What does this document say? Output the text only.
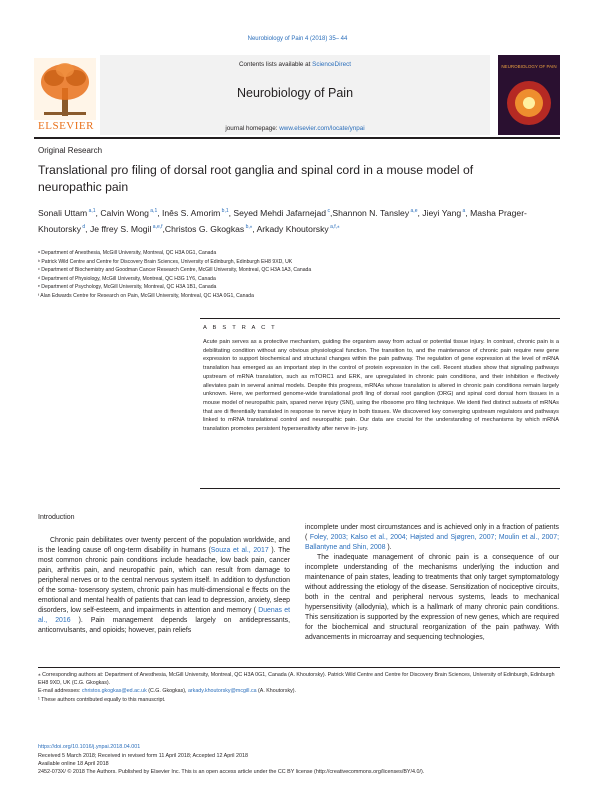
Neurobiology of Pain 4 (2018) 35– 44
Contents lists available at ScienceDirect
Neurobiology of Pain
journal homepage: www.elsevier.com/locate/ynpai
ELSEVIER
NEUROBIOLOGY OF PAIN
Original Research
Translational pro filing of dorsal root ganglia and spinal cord in a mouse model of neuropathic pain
Sonali Uttam $^{a,1}$, Calvin Wong $^{a,1}$, Inês S. Amorim $^{b,1}$, Seyed Mehdi Jafarnejad $^c$,Shannon N. Tansley $^{a,e}$, Jieyi Yang $^a$, Masha Prager-Khoutorsky $^d$, Je ffrey S. Mogil $^{a,e,f}$,Christos G. Gkogkas $^{b,⁎}$, Arkady Khoutorsky $^{a,f,⁎}$
ᵃ Department of Anesthesia, McGill University, Montreal, QC H3A 0G1, Canada
ᵇ Patrick Wild Centre and Centre for Discovery Brain Sciences, University of Edinburgh, Edinburgh EH8 9XD, UK
ᶜ Department of Biochemistry and Goodman Cancer Research Centre, McGill University, Montreal, QC H3A 1A3, Canada
ᵈ Department of Physiology, McGill University, Montreal, QC H3G 1Y6, Canada
ᵉ Department of Psychology, McGill University, Montreal, QC H3A 1B1, Canada
ᶠ Alan Edwards Centre for Research on Pain, McGill University, Montreal, QC H3A 0G1, Canada
A B S T R A C T
Acute pain serves as a protective mechanism, guiding the organism away from actual or potential tissue injury. In contrast, chronic pain is a debilitating condition without any obvious physiological function. The transition to, and the maintenance of chronic pain require new gene expression to support biochemical and structural changes within the pain pathway. The regulation of gene expression at the level of mRNA translation has emerged as an important step in the control of protein expression in the cell. Recent studies show that signaling pathways upstream of mRNA translation, such as mTORC1 and ERK, are upregulated in chronic pain conditions, and their inhibition e ffectively alleviates pain in several animal models. Despite this progress, mRNAs whose translation is altered in chronic pain conditions remain largely unknown. Here, we performed genome-wide translational profi ling of dorsal root ganglion (DRG) and spinal cord dorsal horn tissues in a mouse model of neuropathic pain, spared nerve injury (SNI), using the ribosome pro filing technique. We identi fied distinct subsets of mRNAs that are di fferentially translated in response to nerve injury in both tissues. We discovered key converging upstream regulators and pathways linked to mRNA translational control and neuropathic pain. Our data are crucial for the understanding of mechanisms by which mRNA translation promotes persistent hypersensitivity after nerve in- jury.
Introduction

Chronic pain debilitates over twenty percent of the population worldwide, and is the leading cause ofl ong-term disability in humans (Souza et al., 2017 ). The most common chronic pain conditions include headache, low back pain, cancer pain, arthritis pain, and neuropathic pain, which can result from damage to peripheral nerves or to the central nervous system itself. In addition to dysfunction of the soma- tosensory system, chronic pain has multi-dimensional e ffects on the emotional and mental health of patients that can lead to depression, anxiety, sleep disorders, low self-esteem, and impairments in attention and memory ( Duenas et al., 2016 ). Pain management depends largely on antidepressants, anticonvulsants, and opioids; however, pain reliefs

incomplete under most circumstances and is achieved only in a fraction of patients ( Foley, 2003; Kalso et al., 2004; Højsted and Sjøgren, 2007; Moulin et al., 2007; Ballantyne and Shin, 2008 ).

The inadequate management of chronic pain is a consequence of our incomplete understanding of the mechanisms underlying the induction and maintenance of pain states, leading to treatments that only target symptomatology without addressing the etiology of the disease. Sensitization of nociceptive circuits, both in the central and peripheral nervous systems, leads to mechanical hypersensitivity (allodynia), which is a hallmark of many chronic pain conditions. This sensitization is supported by the expression of new genes, which are required for the biochemical and structural reorganization of the pain pathway. With advancements in microarray and sequencing technologies,

⁎ Corresponding authors at: Department of Anesthesia, McGill University, Montreal, QC H3A 0G1, Canada (A. Khoutorsky). Patrick Wild Centre and Centre for Discovery Brain Sciences, University of Edinburgh, Edinburgh EH8 9XD, UK (C.G. Gkogkas).
E-mail addresses: christos.gkogkas@ed.ac.uk (C.G. Gkogkas), arkady.khoutorsky@mcgill.ca (A. Khoutorsky).
¹ These authors contributed equally to this manuscript.
https://doi.org/10.1016/j.ynpai.2018.04.001
Received 5 March 2018; Received in revised form 11 April 2018; Accepted 12 April 2018
Available online 18 April 2018
2452-073X/ © 2018 The Authors. Published by Elsevier Inc. This is an open access article under the CC BY license (http://creativecommons.org/licenses/BY/4.0/).
